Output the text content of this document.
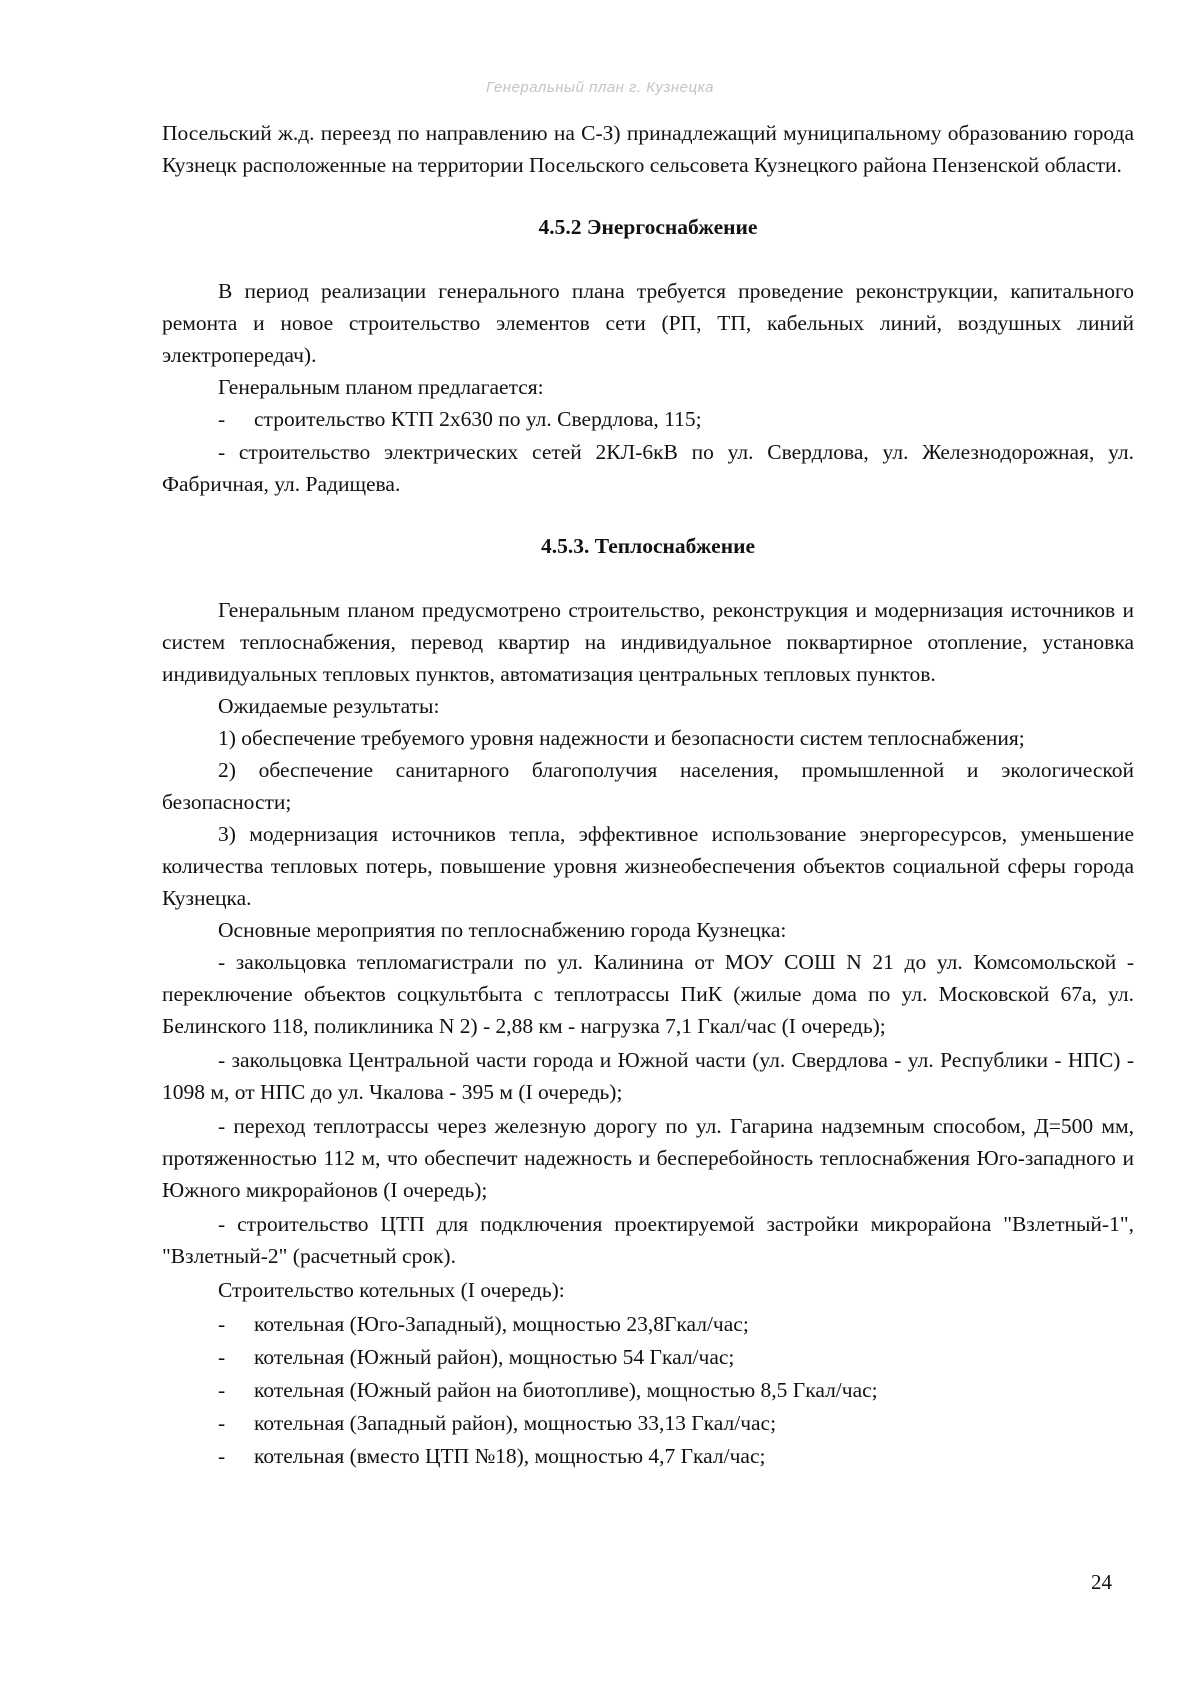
Генеральный план г. Кузнецка

Посельский ж.д. переезд по направлению на С-З) принадлежащий муниципальному образованию города Кузнецк расположенные на территории Посельского сельсовета Кузнецкого района Пензенской области.

4.5.2 Энергоснабжение

В период реализации генерального плана требуется проведение реконструкции, капитального ремонта и новое строительство элементов сети (РП, ТП, кабельных линий, воздушных линий электропередач).

Генеральным планом предлагается:

-	строительство КТП 2х630 по ул. Свердлова, 115;

- строительство электрических сетей 2КЛ-6кВ по ул. Свердлова, ул. Железнодорожная, ул. Фабричная, ул. Радищева.

4.5.3. Теплоснабжение

Генеральным планом предусмотрено строительство, реконструкция и модернизация источников и систем теплоснабжения, перевод квартир на индивидуальное поквартирное отопление, установка индивидуальных тепловых пунктов, автоматизация центральных тепловых пунктов.

Ожидаемые результаты:

1) обеспечение требуемого уровня надежности и безопасности систем теплоснабжения;

2) обеспечение санитарного благополучия населения, промышленной и экологической безопасности;

3) модернизация источников тепла, эффективное использование энергоресурсов, уменьшение количества тепловых потерь, повышение уровня жизнеобеспечения объектов социальной сферы города Кузнецка.

Основные мероприятия по теплоснабжению города Кузнецка:

- закольцовка тепломагистрали по ул. Калинина от МОУ СОШ N 21 до ул. Комсомольской - переключение объектов соцкультбыта с теплотрассы ПиК (жилые дома по ул. Московской 67а, ул. Белинского 118, поликлиника N 2) - 2,88 км - нагрузка 7,1 Гкал/час (I очередь);

- закольцовка Центральной части города и Южной части (ул. Свердлова - ул. Республики - НПС) - 1098 м, от НПС до ул. Чкалова - 395 м (I очередь);

- переход теплотрассы через железную дорогу по ул. Гагарина надземным способом, Д=500 мм, протяженностью 112 м, что обеспечит надежность и бесперебойность теплоснабжения Юго-западного и Южного микрорайонов (I очередь);

- строительство ЦТП для подключения проектируемой застройки микрорайона "Взлетный-1", "Взлетный-2" (расчетный срок).

Строительство котельных (I очередь):

-	котельная (Юго-Западный), мощностью 23,8Гкал/час;
-	котельная (Южный район), мощностью 54 Гкал/час;
-	котельная (Южный район на биотопливе), мощностью 8,5 Гкал/час;
-	котельная (Западный район), мощностью 33,13 Гкал/час;
-	котельная (вместо ЦТП №18), мощностью 4,7 Гкал/час;
24
